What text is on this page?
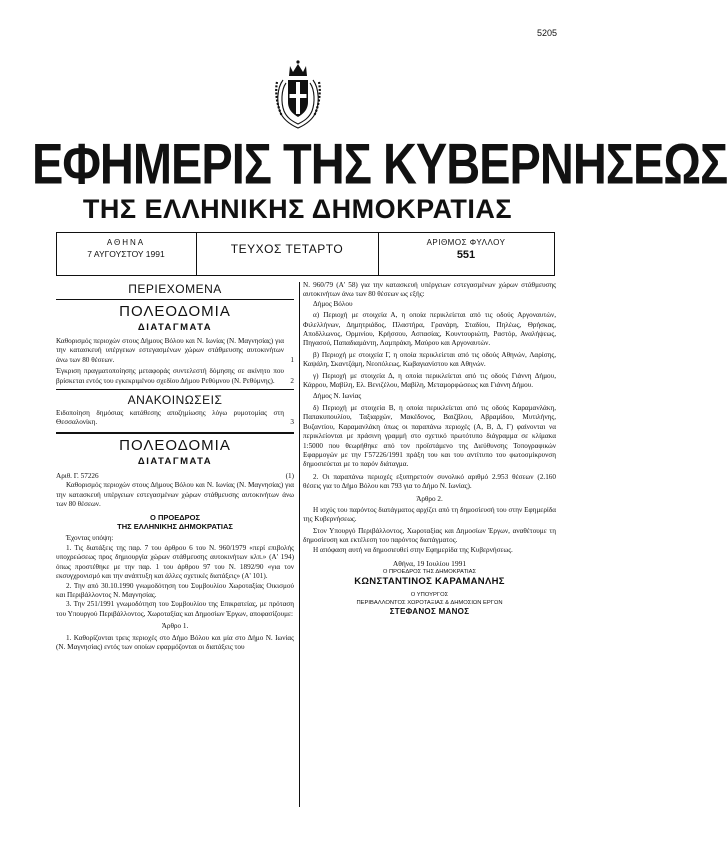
5205
ΕΦΗΜΕΡΙΣ ΤΗΣ ΚΥΒΕΡΝΗΣΕΩΣ
ΤΗΣ ΕΛΛΗΝΙΚΗΣ ΔΗΜΟΚΡΑΤΙΑΣ
ΑΘΗΝΑ
7 ΑΥΓΟΥΣΤΟΥ 1991	ΤΕΥΧΟΣ ΤΕΤΑΡΤΟ	ΑΡΙΘΜΟΣ ΦΥΛΛΟΥ
551
ΠΕΡΙΕΧΟΜΕΝΑ
ΠΟΛΕΟΔΟΜΙΑ
ΔΙΑΤΑΓΜΑΤΑ
Καθορισμός περιοχών στους Δήμους Βόλου και Ν. Ιωνίας (Ν. Μαγνησίας) για την κατασκευή υπέργειων εστεγασμένων χώρων στάθμευσης αυτοκινήτων άνω των 80 θέσεων.	1
Έγκριση πραγματοποίησης μεταφοράς συντελεστή δόμησης σε ακίνητο που βρίσκεται εντός του εγκεκριμένου σχεδίου Δήμου Ρεθύμνου (Ν. Ρεθύμνης). 2
ΑΝΑΚΟΙΝΩΣΕΙΣ
Ειδοποίηση δημόσιας κατάθεσης αποζημίωσης λόγω ρυμοτομίας στη Θεσσαλονίκη.	3
ΠΟΛΕΟΔΟΜΙΑ
ΔΙΑΤΑΓΜΑΤΑ
Αριθ. Γ. 57226	(1)
Καθορισμός περιοχών στους Δήμους Βόλου και Ν. Ιωνίας (Ν. Μαγνησίας) για την κατασκευή υπέργειων εστεγασμένων χώρων στάθμευσης αυτοκινήτων άνω των 80 θέσεων.
Ο ΠΡΟΕΔΡΟΣ
ΤΗΣ ΕΛΛΗΝΙΚΗΣ ΔΗΜΟΚΡΑΤΙΑΣ
Έχοντας υπόψη:
1. Τις διατάξεις της παρ. 7 του άρθρου 6 του Ν. 960/1979 «περί επιβολής υποχρεώσεως προς δημιουργία χώρων στάθμευσης αυτοκινήτων κλπ.» (Α' 194) όπως προστέθηκε με την παρ. 1 του άρθρου 97 του Ν. 1892/90 «για τον εκσυγχρονισμό και την ανάπτυξη και άλλες σχετικές διατάξεις» (Α' 101).
2. Την από 30.10.1990 γνωμοδότηση του Συμβουλίου Χωροταξίας Οικισμού και Περιβάλλοντος Ν. Μαγνησίας.
3. Την 251/1991 γνωμοδότηση του Συμβουλίου της Επικρατείας, με πρόταση του Υπουργού Περιβάλλοντος, Χωροταξίας και Δημοσίων Έργων, αποφασίζουμε:
Άρθρο 1.
1. Καθορίζονται τρεις περιοχές στο Δήμο Βόλου και μία στο Δήμο Ν. Ιωνίας (Ν. Μαγνησίας) εντός των οποίων εφαρμόζονται οι διατάξεις του
Ν. 960/79 (Α' 58) για την κατασκευή υπέργειων εστεγασμένων χώρων στάθμευσης αυτοκινήτων άνω των 80 θέσεων ως εξής:
Δήμος Βόλου
α) Περιοχή με στοιχεία Α, η οποία περικλείεται από τις οδούς Αργοναυτών, Φιλελλήνων, Δημητριάδος, Πλαστήρα, Γρανάρη, Σταδίου, Πηλέως, Θρήσκας, Αποδλλωνος, Ορμινίου, Κρήσσου, Ασπασίας, Κουντουριώτη, Ραστόρ, Αναλήψεως, Πηγασού, Παπαδιαμάντη, Λαμπράκη, Μαύρου και Αργοναυτών.
β) Περιοχή με στοιχεία Γ, η οποία περικλείεται από τις οδούς Αθηνών, Λαρίσης, Καψάλη, Σκαντζάμη, Νεοπόλεως, Κωβαγιανίστου και Αθηνών.
γ) Περιοχή με στοιχεία Δ, η οποία περικλείεται από τις οδούς Γιάννη Δήμου, Κάρρου, Μαβίλη, Ελ. Βενιζέλου, Μαβίλη, Μεταμορφώσεως και Γιάννη Δήμου.
Δήμος Ν. Ιωνίας
δ) Περιοχή με στοιχεία Β, η οποία περικλείεται από τις οδούς Καραμανλάκη, Παπακυπουλίου, Ταξιαρχών, Μακέδονος, Βαιζβλου, Αβραμίδου, Μυτιλήνης, Βυζαντίου, Καραμανλάκη όπως οι παραπάνω περιοχές (Α, Β, Δ, Γ) φαίνονται να περικλείονται με πράσινη γραμμή στο σχετικό πρωτότυπο διάγραμμα σε κλίμακα 1:5000 που θεωρήθηκε από τον προϊστάμενο της Διεύθυνσης Τοπογραφικών Εφαρμογών με την Γ57226/1991 πράξη του και του αντίτυπο του φωτοσμίκρυνση δημοσιεύεται με το παρόν διάταγμα.
2. Οι παραπάνω περιοχές εξυπηρετούν συνολικό αριθμό 2.953 θέσεων (2.160 θέσεις για το Δήμο Βόλου και 793 για το Δήμο Ν. Ιωνίας).
Άρθρο 2.
Η ισχύς του παρόντος διατάγματος αρχίζει από τη δημοσίευσή του στην Εφημερίδα της Κυβερνήσεως.
Στον Υπουργό Περιβάλλοντος, Χωροταξίας και Δημοσίων Έργων, αναθέτουμε τη δημοσίευση και εκτέλεση του παρόντος διατάγματος.
Η απόφαση αυτή να δημοσιευθεί στην Εφημερίδα της Κυβερνήσεως.
Αθήνα, 19 Ιουλίου 1991
Ο ΠΡΟΕΔΡΟΣ ΤΗΣ ΔΗΜΟΚΡΑΤΙΑΣ
ΚΩΝΣΤΑΝΤΙΝΟΣ ΚΑΡΑΜΑΝΛΗΣ
Ο ΥΠΟΥΡΓΟΣ
ΠΕΡΙΒΑΛΛΟΝΤΟΣ ΧΩΡΟΤΑΞΙΑΣ & ΔΗΜΟΣΙΩΝ ΕΡΓΩΝ
ΣΤΕΦΑΝΟΣ ΜΑΝΟΣ
